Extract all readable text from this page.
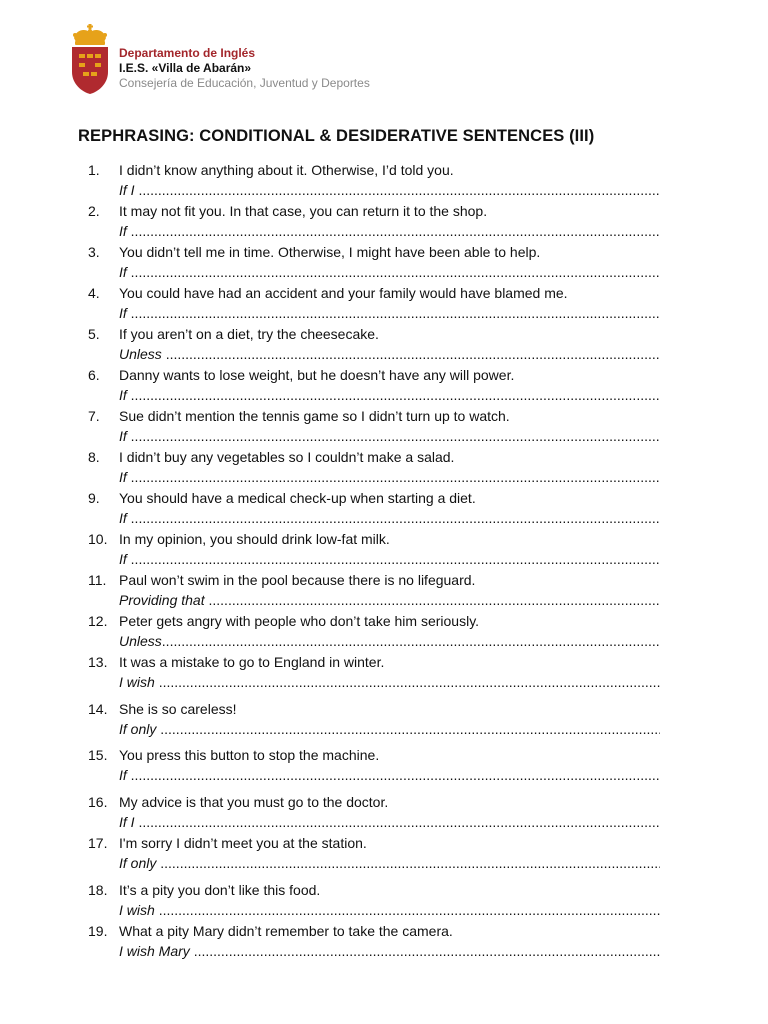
Departamento de Inglés
I.E.S. «Villa de Abarán»
Consejería de Educación, Juventud y Deportes
REPHRASING: CONDITIONAL & DESIDERATIVE SENTENCES (III)
1.	I didn’t know anything about it. Otherwise, I’d told you.
If I
.....
2.	It may not fit you. In that case, you can return it to the shop.
If
.....
3.	You didn’t tell me in time. Otherwise, I might have been able to help.
If
.....
4.	You could have had an accident and your family would have blamed me.
If
.....
5.	If you aren’t on a diet, try the cheesecake.
Unless
.....
6.	Danny wants to lose weight, but he doesn’t have any will power.
If
.....
7.	Sue didn’t mention the tennis game so I didn’t turn up to watch.
If
.....
8.	I didn’t buy any vegetables so I couldn’t make a salad.
If
.....
9.	You should have a medical check-up when starting a diet.
If
.....
10. In my opinion, you should drink low-fat milk.
If
.....
11. Paul won’t swim in the pool because there is no lifeguard.
Providing that
.....
12. Peter gets angry with people who don’t take him seriously.
Unless
.....
13. It was a mistake to go to England in winter.
I wish
.....
14. She is so careless!
If only
.....
15. You press this button to stop the machine.
If
.....
16. My advice is that you must go to the doctor.
If I
.....
17. I'm sorry I didn’t meet you at the station.
If only
.....
18. It’s a pity you don’t like this food.
I wish
.....
19. What a pity Mary didn’t remember to take the camera.
I wish Mary
.....
